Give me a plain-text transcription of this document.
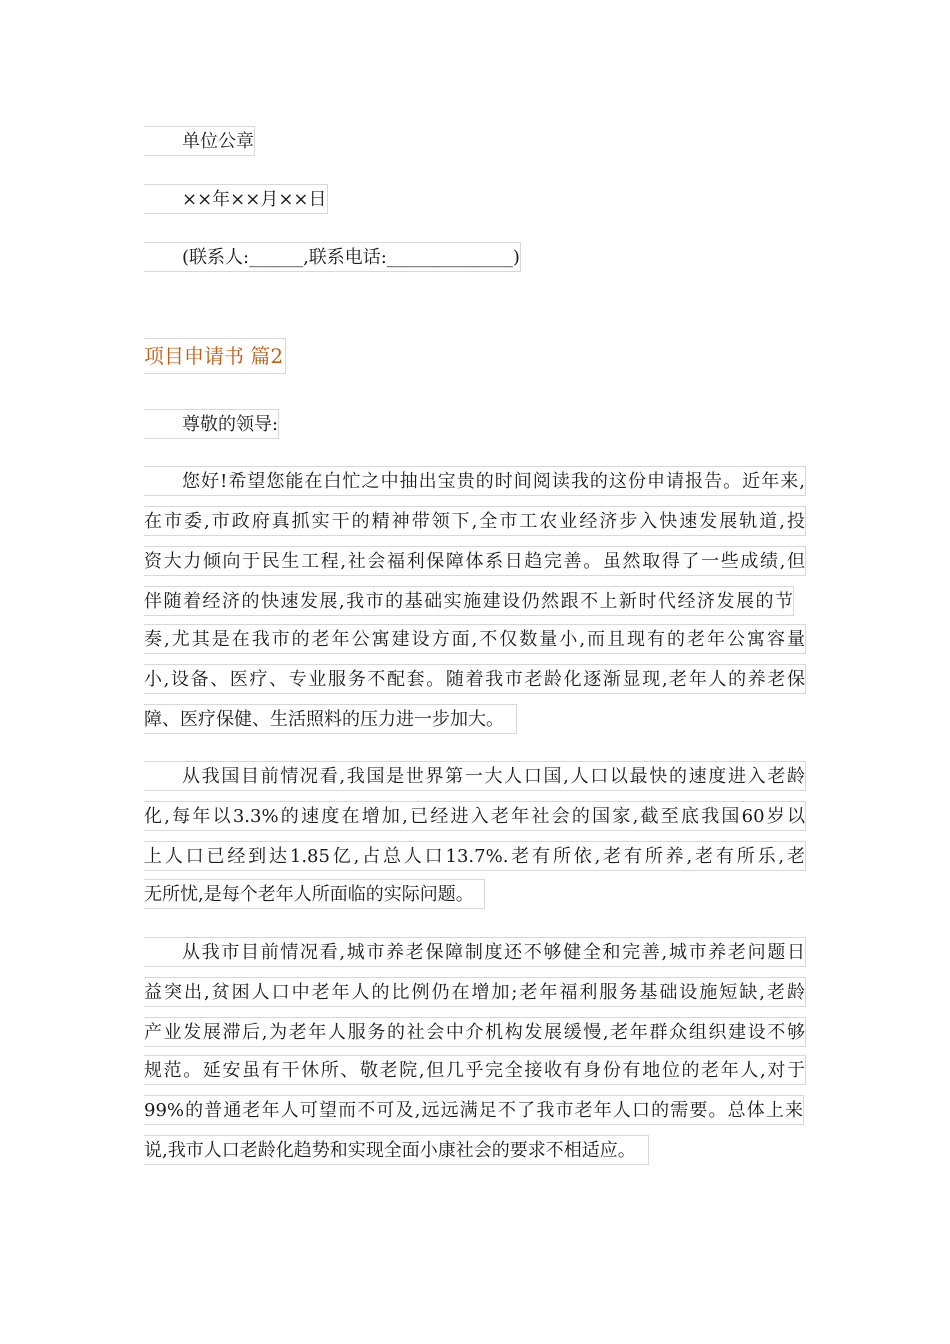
单位公章
××年××月××日
(联系人:______,联系电话:______________)
项目申请书 篇2
尊敬的领导:
您好!希望您能在白忙之中抽出宝贵的时间阅读我的这份申请报告。近年来,
在市委,市政府真抓实干的精神带领下,全市工农业经济步入快速发展轨道,投
资大力倾向于民生工程,社会福利保障体系日趋完善。虽然取得了一些成绩,但
伴随着经济的快速发展,我市的基础实施建设仍然跟不上新时代经济发展的节
奏,尤其是在我市的老年公寓建设方面,不仅数量小,而且现有的老年公寓容量
小,设备、医疗、专业服务不配套。随着我市老龄化逐渐显现,老年人的养老保
障、医疗保健、生活照料的压力进一步加大。
从我国目前情况看,我国是世界第一大人口国,人口以最快的速度进入老龄
化,每年以3.3%的速度在增加,已经进入老年社会的国家,截至底我国60岁以
上人口已经到达1.85亿,占总人口13.7%.老有所依,老有所养,老有所乐,老
无所忧,是每个老年人所面临的实际问题。
从我市目前情况看,城市养老保障制度还不够健全和完善,城市养老问题日
益突出,贫困人口中老年人的比例仍在增加;老年福利服务基础设施短缺,老龄
产业发展滞后,为老年人服务的社会中介机构发展缓慢,老年群众组织建设不够
规范。延安虽有干休所、敬老院,但几乎完全接收有身份有地位的老年人,对于
99%的普通老年人可望而不可及,远远满足不了我市老年人口的需要。总体上来
说,我市人口老龄化趋势和实现全面小康社会的要求不相适应。
